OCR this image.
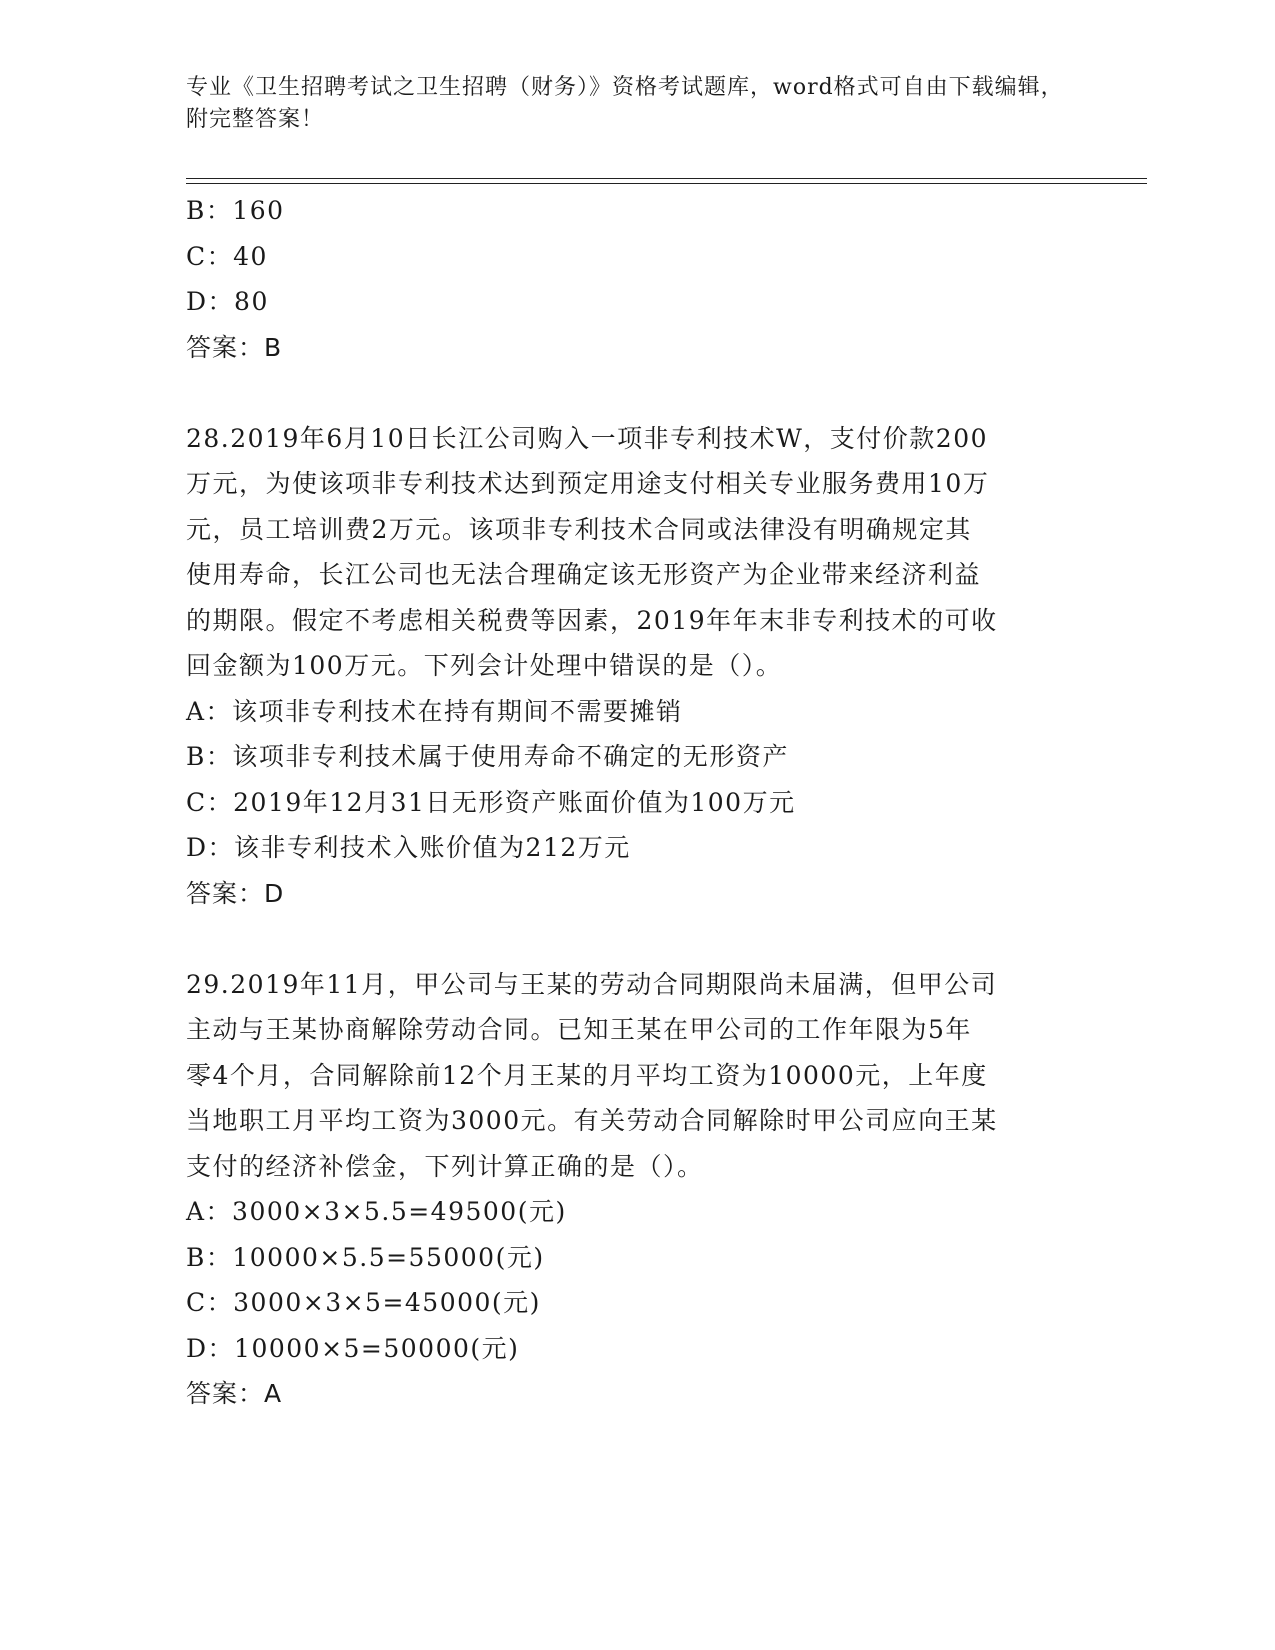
专业《卫生招聘考试之卫生招聘（财务）》资格考试题库，word格式可自由下载编辑，附完整答案！
B：160
C：40
D：80
答案：B
28.2019年6月10日长江公司购入一项非专利技术W，支付价款200
万元，为使该项非专利技术达到预定用途支付相关专业服务费用10万
元，员工培训费2万元。该项非专利技术合同或法律没有明确规定其
使用寿命，长江公司也无法合理确定该无形资产为企业带来经济利益
的期限。假定不考虑相关税费等因素，2019年年末非专利技术的可收
回金额为100万元。下列会计处理中错误的是（）。
A：该项非专利技术在持有期间不需要摊销
B：该项非专利技术属于使用寿命不确定的无形资产
C：2019年12月31日无形资产账面价值为100万元
D：该非专利技术入账价值为212万元
答案：D
29.2019年11月，甲公司与王某的劳动合同期限尚未届满，但甲公司
主动与王某协商解除劳动合同。已知王某在甲公司的工作年限为5年
零4个月，合同解除前12个月王某的月平均工资为10000元，上年度
当地职工月平均工资为3000元。有关劳动合同解除时甲公司应向王某
支付的经济补偿金，下列计算正确的是（）。
A：3000×3×5.5=49500(元)
B：10000×5.5=55000(元)
C：3000×3×5=45000(元)
D：10000×5=50000(元)
答案：A
